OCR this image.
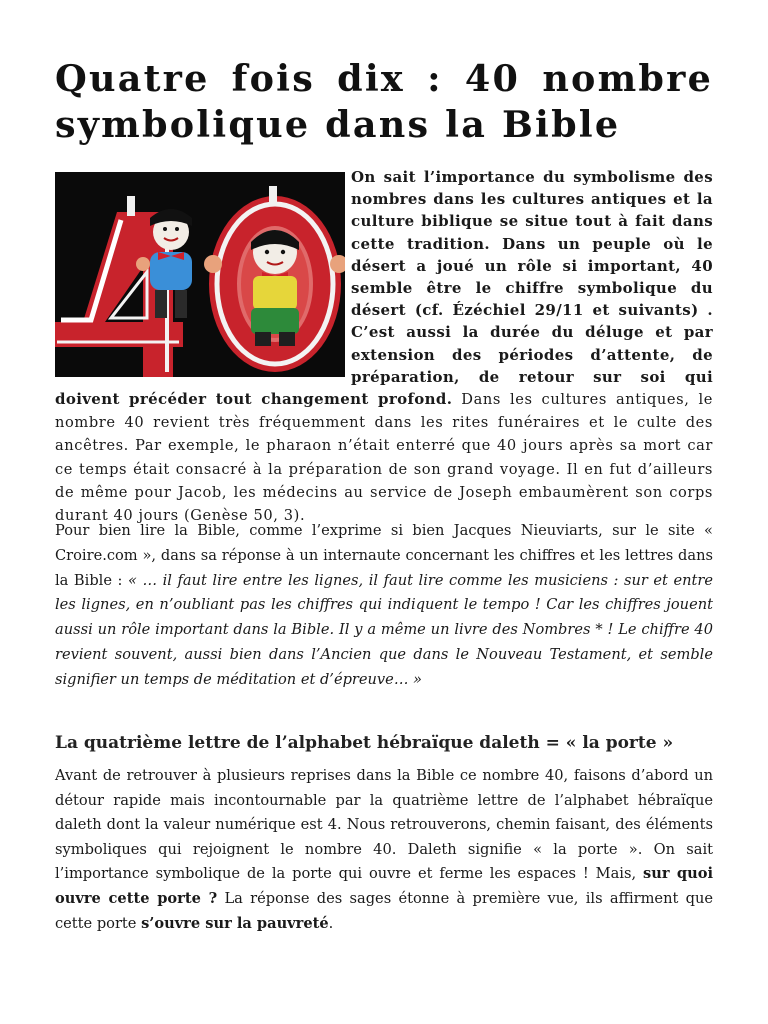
Quatre fois dix : 40 nombre symbolique dans la Bible

On sait l’importance du symbolisme des nombres dans les cultures antiques et la culture biblique se situe tout à fait dans cette tradition. Dans un peuple où le désert a joué un rôle si important, 40 semble être le chiffre symbolique du désert (cf. Ézéchiel 29/11 et suivants) . C’est aussi la durée du déluge et par extension des périodes d’attente, de préparation, de retour sur soi qui doivent précéder tout changement profond. Dans les cultures antiques, le nombre 40 revient très fréquemment dans les rites funéraires et le culte des ancêtres. Par exemple, le pharaon n’était enterré que 40 jours après sa mort car ce temps était consacré à la préparation de son grand voyage. Il en fut d’ailleurs de même pour Jacob, les médecins au service de Joseph embaumèrent son corps durant 40 jours (Genèse 50, 3).

Pour bien lire la Bible, comme l’exprime si bien Jacques Nieuviarts, sur le site « Croire.com », dans sa réponse à un internaute concernant les chiffres et les lettres dans la Bible : « … il faut lire entre les lignes, il faut lire comme les musiciens : sur et entre les lignes, en n’oubliant pas les chiffres qui indiquent le tempo ! Car les chiffres jouent aussi un rôle important dans la Bible. Il y a même un livre des Nombres * ! Le chiffre 40 revient souvent, aussi bien dans l’Ancien que dans le Nouveau Testament, et semble signifier un temps de méditation et d’épreuve… »

La quatrième lettre de l’alphabet hébraïque daleth = « la porte »

Avant de retrouver à plusieurs reprises dans la Bible ce nombre 40, faisons d’abord un détour rapide mais incontournable par la quatrième lettre de l’alphabet hébraïque daleth dont la valeur numérique est 4. Nous retrouverons, chemin faisant, des éléments symboliques qui rejoignent le nombre 40. Daleth signifie « la porte ». On sait l’importance symbolique de la porte qui ouvre et ferme les espaces ! Mais, sur quoi ouvre cette porte ? La réponse des sages étonne à première vue, ils affirment que cette porte s’ouvre sur la pauvreté.
